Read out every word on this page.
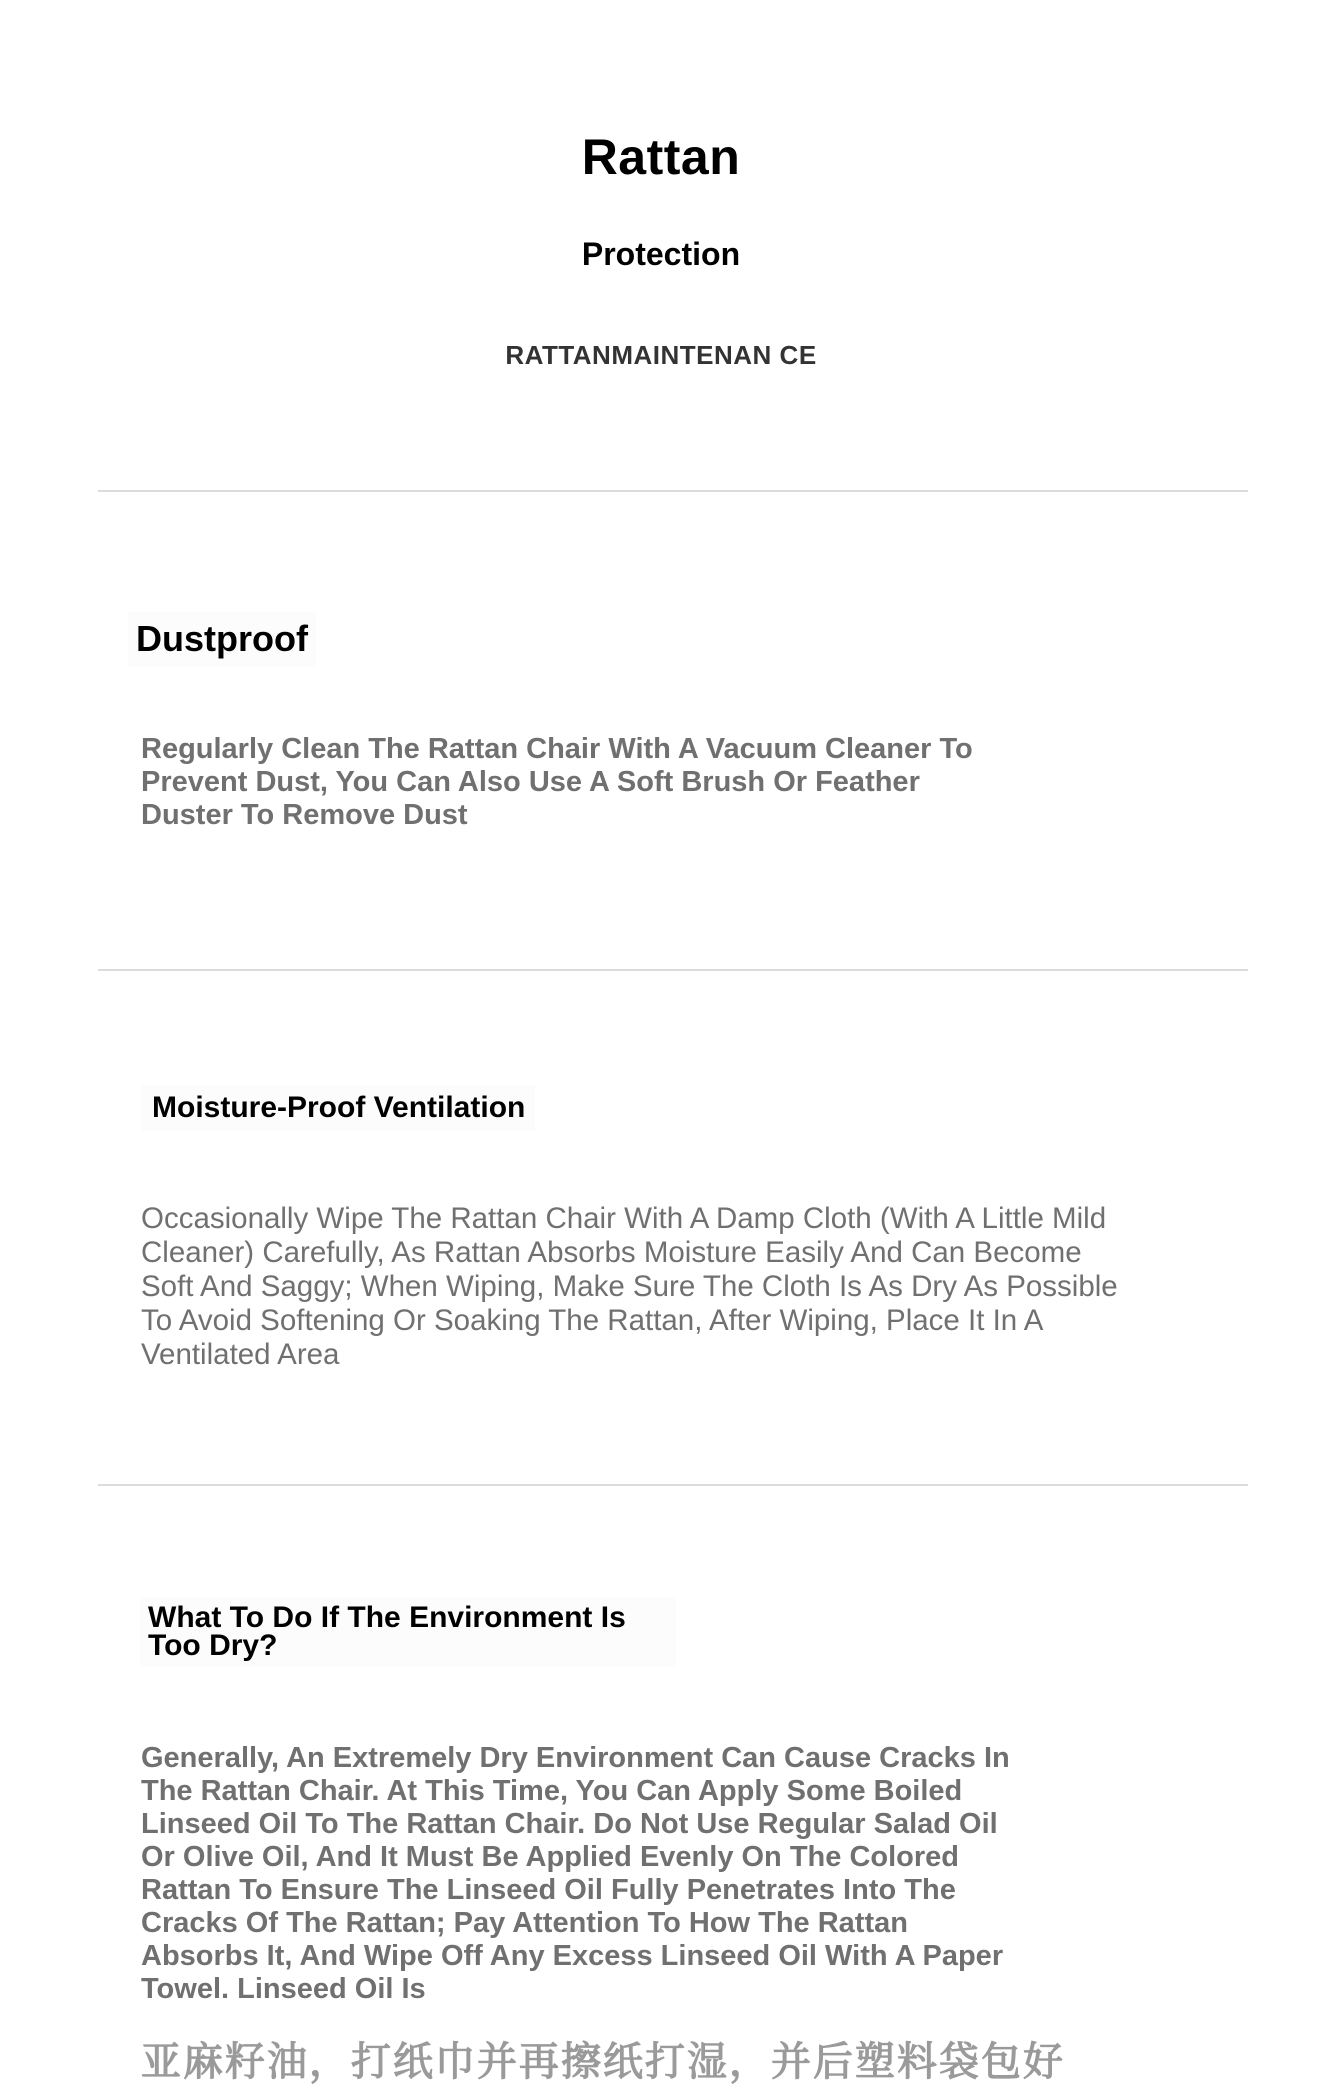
Rattan
Protection
RATTANMAINTENAN CE
Dustproof
Regularly Clean The Rattan Chair With A Vacuum Cleaner To Prevent Dust, You Can Also Use A Soft Brush Or Feather Duster To Remove Dust
Moisture-Proof Ventilation
Occasionally Wipe The Rattan Chair With A Damp Cloth (With A Little Mild Cleaner) Carefully, As Rattan Absorbs Moisture Easily And Can Become Soft And Saggy; When Wiping, Make Sure The Cloth Is As Dry As Possible To Avoid Softening Or Soaking The Rattan, After Wiping, Place It In A Ventilated Area
What To Do If The Environment Is Too Dry?
Generally, An Extremely Dry Environment Can Cause Cracks In The Rattan Chair. At This Time, You Can Apply Some Boiled Linseed Oil To The Rattan Chair. Do Not Use Regular Salad Oil Or Olive Oil, And It Must Be Applied Evenly On The Colored Rattan To Ensure The Linseed Oil Fully Penetrates Into The Cracks Of The Rattan; Pay Attention To How The Rattan Absorbs It, And Wipe Off Any Excess Linseed Oil With A Paper Towel. Linseed Oil Is
亚麻籽油，打纸巾并再擦纸打湿，并后塑料袋包好
